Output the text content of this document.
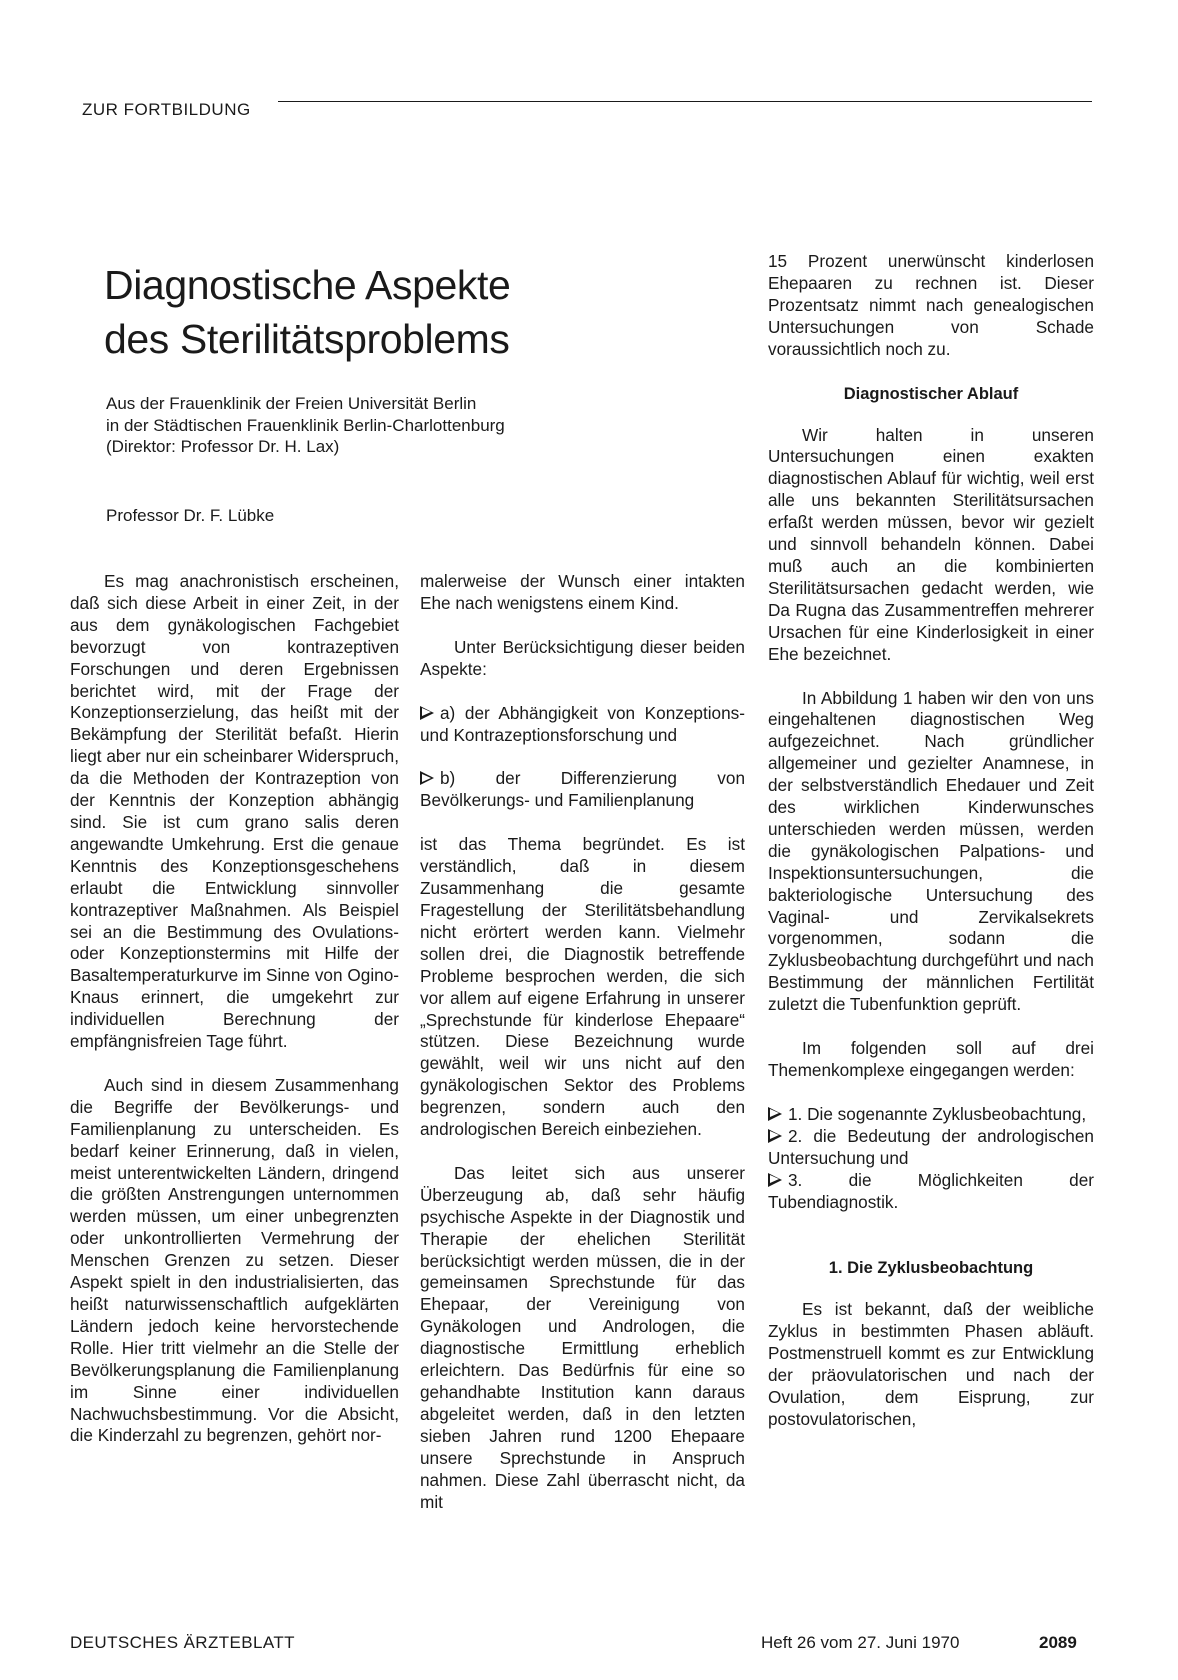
ZUR FORTBILDUNG
Diagnostische Aspekte
des Sterilitätsproblems
Aus der Frauenklinik der Freien Universität Berlin
in der Städtischen Frauenklinik Berlin-Charlottenburg
(Direktor: Professor Dr. H. Lax)
Professor Dr. F. Lübke

Es mag anachronistisch erscheinen, daß sich diese Arbeit in einer Zeit, in der aus dem gynäkologischen Fachgebiet bevorzugt von kontrazeptiven Forschungen und deren Ergebnissen berichtet wird, mit der Frage der Konzeptionserzielung, das heißt mit der Bekämpfung der Sterilität befaßt. Hierin liegt aber nur ein scheinbarer Widerspruch, da die Methoden der Kontrazeption von der Kenntnis der Konzeption abhängig sind. Sie ist cum grano salis deren angewandte Umkehrung. Erst die genaue Kenntnis des Konzeptionsgeschehens erlaubt die Entwicklung sinnvoller kontrazeptiver Maßnahmen. Als Beispiel sei an die Bestimmung des Ovulations- oder Konzeptionstermins mit Hilfe der Basaltemperaturkurve im Sinne von Ogino-Knaus erinnert, die umgekehrt zur individuellen Berechnung der empfängnisfreien Tage führt.

Auch sind in diesem Zusammenhang die Begriffe der Bevölkerungs- und Familienplanung zu unterscheiden. Es bedarf keiner Erinnerung, daß in vielen, meist unterentwickelten Ländern, dringend die größten Anstrengungen unternommen werden müssen, um einer unbegrenzten oder unkontrollierten Vermehrung der Menschen Grenzen zu setzen. Dieser Aspekt spielt in den industrialisierten, das heißt naturwissenschaftlich aufgeklärten Ländern jedoch keine hervorstechende Rolle. Hier tritt vielmehr an die Stelle der Bevölkerungsplanung die Familienplanung im Sinne einer individuellen Nachwuchsbestimmung. Vor die Absicht, die Kinderzahl zu begrenzen, gehört nor-

malerweise der Wunsch einer intakten Ehe nach wenigstens einem Kind.

Unter Berücksichtigung dieser beiden Aspekte:

a) der Abhängigkeit von Konzeptions- und Kontrazeptionsforschung und

b) der Differenzierung von Bevölkerungs- und Familienplanung

ist das Thema begründet. Es ist verständlich, daß in diesem Zusammenhang die gesamte Fragestellung der Sterilitätsbehandlung nicht erörtert werden kann. Vielmehr sollen drei, die Diagnostik betreffende Probleme besprochen werden, die sich vor allem auf eigene Erfahrung in unserer „Sprechstunde für kinderlose Ehepaare“ stützen. Diese Bezeichnung wurde gewählt, weil wir uns nicht auf den gynäkologischen Sektor des Problems begrenzen, sondern auch den andrologischen Bereich einbeziehen.

Das leitet sich aus unserer Überzeugung ab, daß sehr häufig psychische Aspekte in der Diagnostik und Therapie der ehelichen Sterilität berücksichtigt werden müssen, die in der gemeinsamen Sprechstunde für das Ehepaar, der Vereinigung von Gynäkologen und Andrologen, die diagnostische Ermittlung erheblich erleichtern. Das Bedürfnis für eine so gehandhabte Institution kann daraus abgeleitet werden, daß in den letzten sieben Jahren rund 1200 Ehepaare unsere Sprechstunde in Anspruch nahmen. Diese Zahl überrascht nicht, da mit

15 Prozent unerwünscht kinderlosen Ehepaaren zu rechnen ist. Dieser Prozentsatz nimmt nach genealogischen Untersuchungen von Schade voraussichtlich noch zu.

Diagnostischer Ablauf

Wir halten in unseren Untersuchungen einen exakten diagnostischen Ablauf für wichtig, weil erst alle uns bekannten Sterilitätsursachen erfaßt werden müssen, bevor wir gezielt und sinnvoll behandeln können. Dabei muß auch an die kombinierten Sterilitätsursachen gedacht werden, wie Da Rugna das Zusammentreffen mehrerer Ursachen für eine Kinderlosigkeit in einer Ehe bezeichnet.

In Abbildung 1 haben wir den von uns eingehaltenen diagnostischen Weg aufgezeichnet. Nach gründlicher allgemeiner und gezielter Anamnese, in der selbstverständlich Ehedauer und Zeit des wirklichen Kinderwunsches unterschieden werden müssen, werden die gynäkologischen Palpations- und Inspektionsuntersuchungen, die bakteriologische Untersuchung des Vaginal- und Zervikalsekrets vorgenommen, sodann die Zyklusbeobachtung durchgeführt und nach Bestimmung der männlichen Fertilität zuletzt die Tubenfunktion geprüft.

Im folgenden soll auf drei Themenkomplexe eingegangen werden:

1. Die sogenannte Zyklusbeobachtung,

2. die Bedeutung der andrologischen Untersuchung und

3. die Möglichkeiten der Tubendiagnostik.

1. Die Zyklusbeobachtung

Es ist bekannt, daß der weibliche Zyklus in bestimmten Phasen abläuft. Postmenstruell kommt es zur Entwicklung der präovulatorischen und nach der Ovulation, dem Eisprung, zur postovulatorischen,

DEUTSCHES ÄRZTEBLATT	Heft 26 vom 27. Juni 1970	2089
